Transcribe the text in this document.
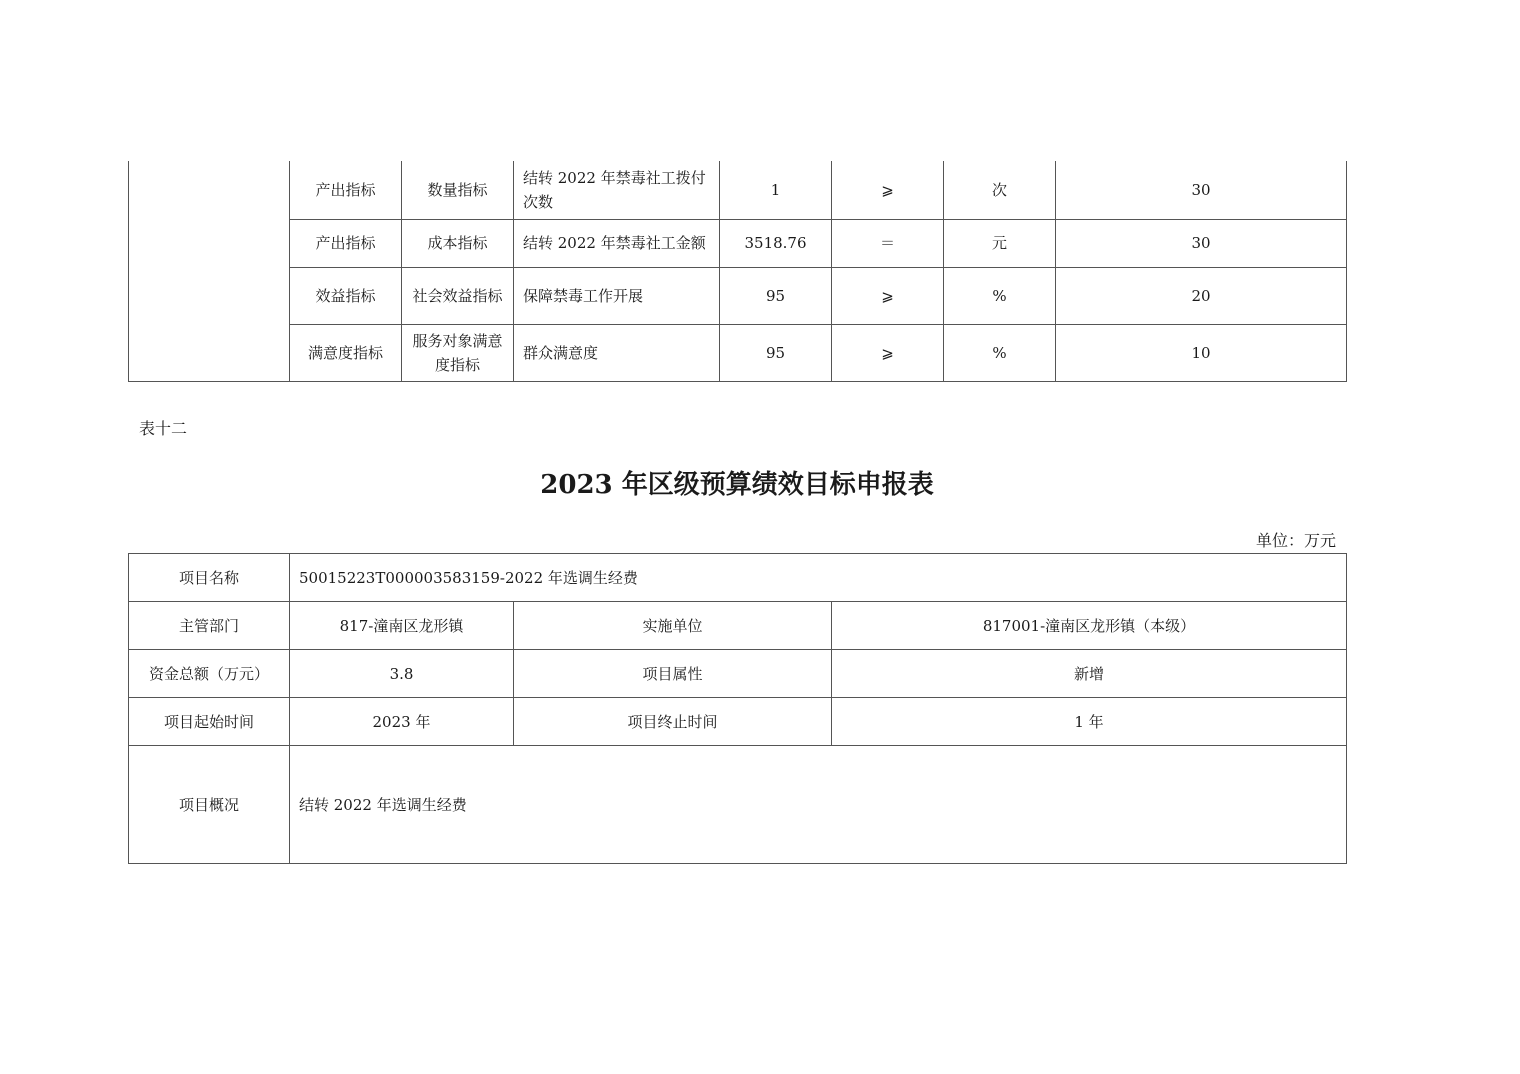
	产出指标	数量指标	结转 2022 年禁毒社工拨付次数	1	⩾	次	30
	产出指标	成本指标	结转 2022 年禁毒社工金额	3518.76	＝	元	30
	效益指标	社会效益指标	保障禁毒工作开展	95	⩾	%	20
	满意度指标	服务对象满意度指标	群众满意度	95	⩾	%	10
表十二
2023 年区级预算绩效目标申报表
单位：万元
项目名称	50015223T000003583159-2022 年选调生经费		
主管部门	817-潼南区龙形镇	实施单位	817001-潼南区龙形镇（本级）
资金总额（万元）	3.8	项目属性	新增
项目起始时间	2023 年	项目终止时间	1 年
项目概况	结转 2022 年选调生经费		
